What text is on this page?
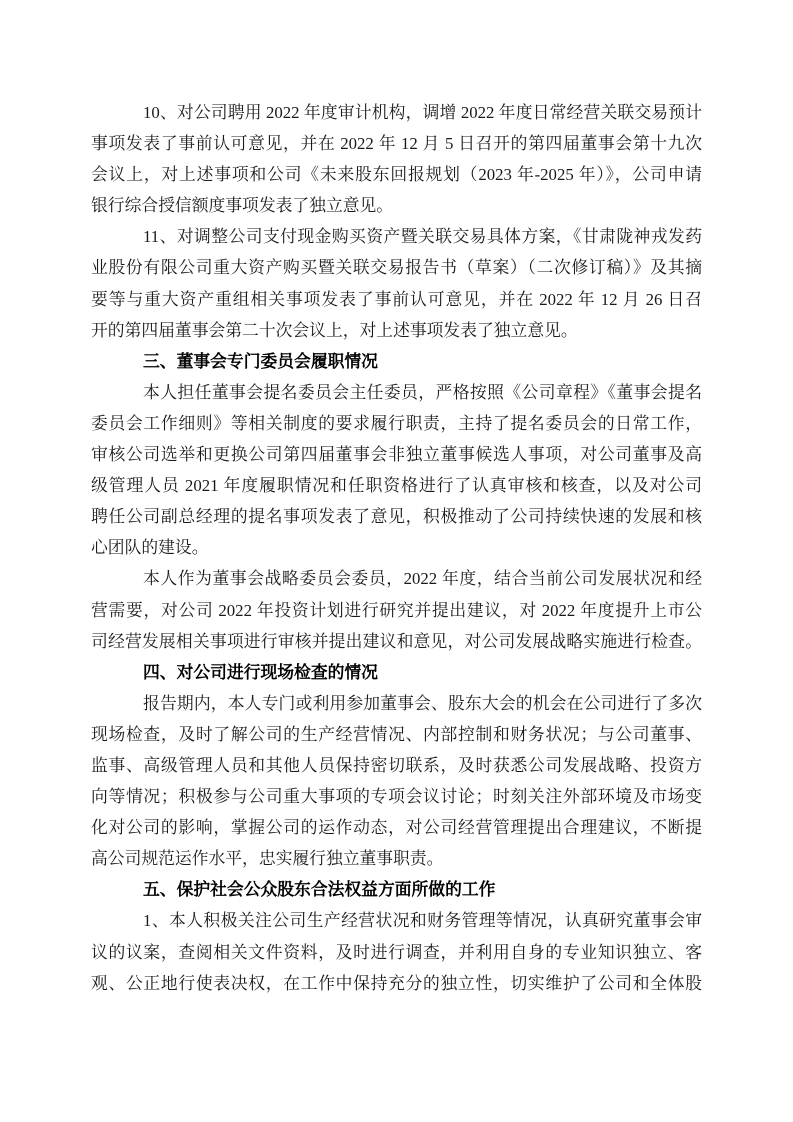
10、对公司聘用 2022 年度审计机构，调增 2022 年度日常经营关联交易预计
事项发表了事前认可意见，并在 2022 年 12 月 5 日召开的第四届董事会第十九次
会议上，对上述事项和公司《未来股东回报规划（2023 年-2025 年）》，公司申请
银行综合授信额度事项发表了独立意见。
11、对调整公司支付现金购买资产暨关联交易具体方案，《甘肃陇神戎发药
业股份有限公司重大资产购买暨关联交易报告书（草案）（二次修订稿）》及其摘
要等与重大资产重组相关事项发表了事前认可意见，并在 2022 年 12 月 26 日召
开的第四届董事会第二十次会议上，对上述事项发表了独立意见。
三、董事会专门委员会履职情况
本人担任董事会提名委员会主任委员，严格按照《公司章程》《董事会提名
委员会工作细则》等相关制度的要求履行职责，主持了提名委员会的日常工作，
审核公司选举和更换公司第四届董事会非独立董事候选人事项，对公司董事及高
级管理人员 2021 年度履职情况和任职资格进行了认真审核和核查，以及对公司
聘任公司副总经理的提名事项发表了意见，积极推动了公司持续快速的发展和核
心团队的建设。
本人作为董事会战略委员会委员，2022 年度，结合当前公司发展状况和经
营需要，对公司 2022 年投资计划进行研究并提出建议，对 2022 年度提升上市公
司经营发展相关事项进行审核并提出建议和意见，对公司发展战略实施进行检查。
四、对公司进行现场检查的情况
报告期内，本人专门或利用参加董事会、股东大会的机会在公司进行了多次
现场检查，及时了解公司的生产经营情况、内部控制和财务状况；与公司董事、
监事、高级管理人员和其他人员保持密切联系，及时获悉公司发展战略、投资方
向等情况；积极参与公司重大事项的专项会议讨论；时刻关注外部环境及市场变
化对公司的影响，掌握公司的运作动态，对公司经营管理提出合理建议，不断提
高公司规范运作水平，忠实履行独立董事职责。
五、保护社会公众股东合法权益方面所做的工作
1、本人积极关注公司生产经营状况和财务管理等情况，认真研究董事会审
议的议案，查阅相关文件资料，及时进行调查，并利用自身的专业知识独立、客
观、公正地行使表决权，在工作中保持充分的独立性，切实维护了公司和全体股
